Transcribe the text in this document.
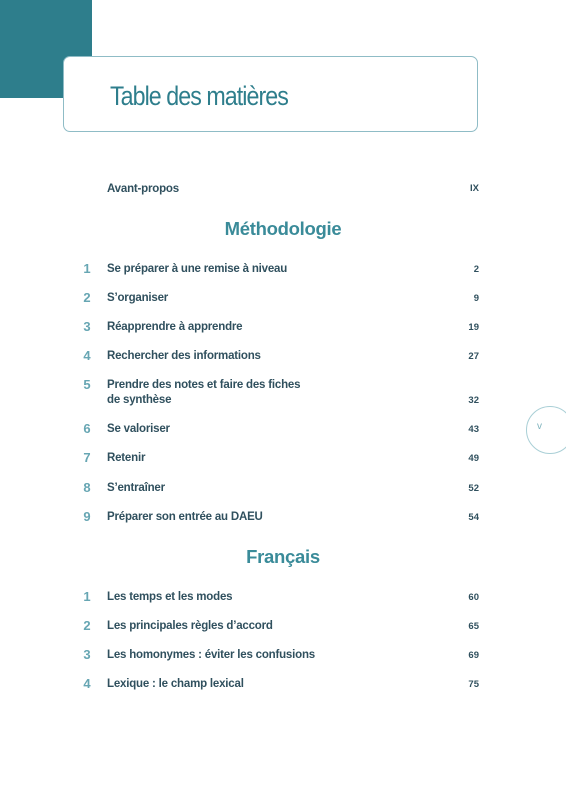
Table des matières
Avant-propos	IX
Méthodologie
1 Se préparer à une remise à niveau	2
2 S’organiser	9
3 Réapprendre à apprendre	19
4 Rechercher des informations	27
5 Prendre des notes et faire des fiches
de synthèse	32
6 Se valoriser	43
7 Retenir	49
8 S’entraîner	52
9 Préparer son entrée au DAEU	54
Français
1 Les temps et les modes	60
2 Les principales règles d’accord	65
3 Les homonymes : éviter les confusions	69
4 Lexique : le champ lexical	75
v
